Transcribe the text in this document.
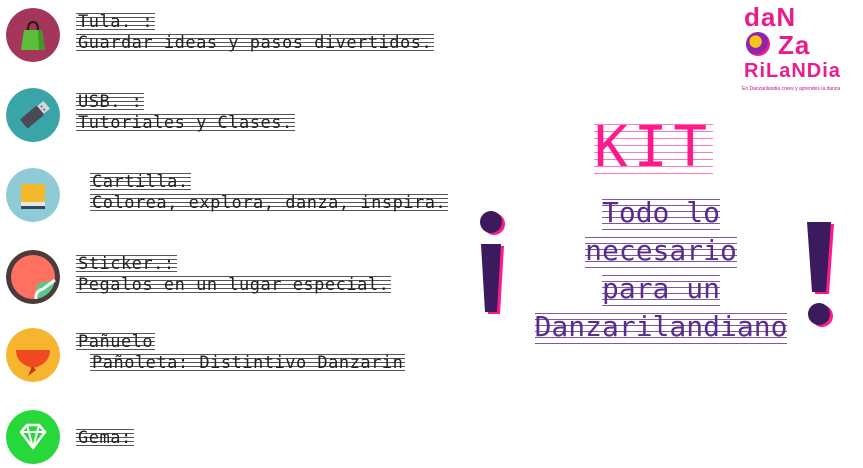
Tula. :
Guardar ideas y pasos divertidos.
USB. :
Tutoriales y Clases.
Cartilla.
Colorea, explora, danza, inspira.
Sticker.:
Pegalos en un lugar especial.
Pañuelo
Pañoleta: Distintivo Danzarin
Gema:
daN
Za
RiLaNDia
En Danzarilandia crees y aprendes la danza
KIT
Todo lo
necesario
para un
Danzarilandiano
